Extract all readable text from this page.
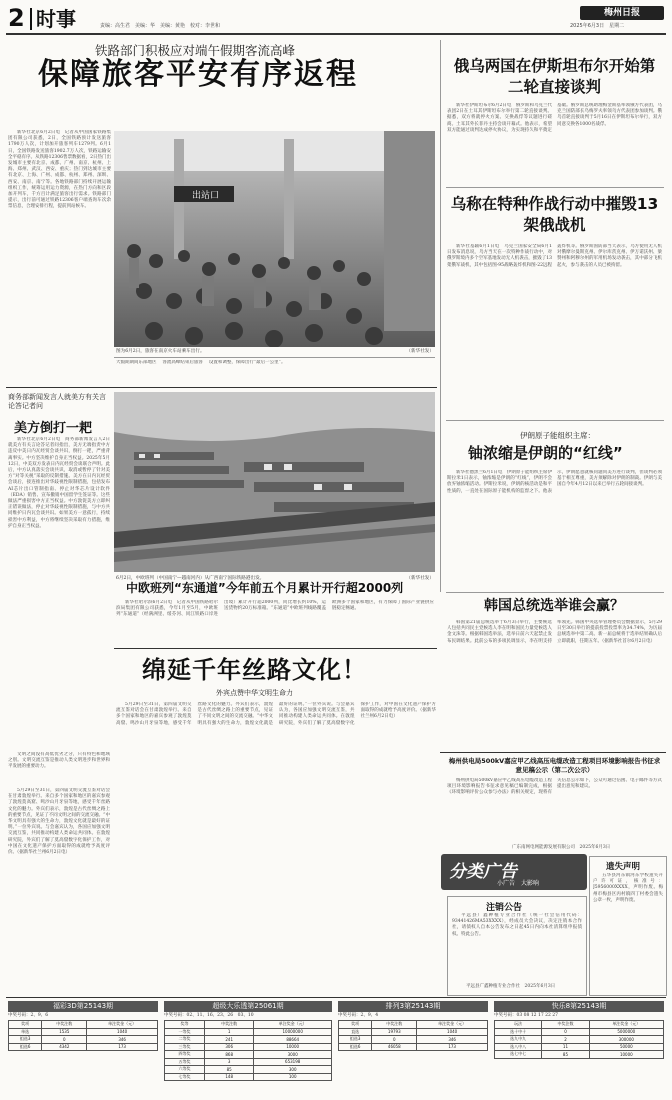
2 时事	责编：高生君　美编：华　美编：黄艳　校对：李世和
梅州日报
2025年6月3日　星期二
铁路部门积极应对端午假期客流高峰
保障旅客平安有序返程

新华社北京6月2日电　记者从中国国家铁路集团有限公司获悉，2日，全国铁路预计发送旅客1790万人次，计划加开旅客列车1279列。6月1日，全国铁路发送旅客1902.7万人次，铁路运输安全平稳有序。从铁路12306售票数据看，2日热门出发城市主要有北京、成都、广州、南京、杭州、上海、郑州、武汉、西安、重庆；热门到达城市主要有北京、上海、广州、成都、杭州、郑州、深圳、西安、南京、南宁等。各地铁路部门持续开展运输组织工作，统筹运用运力资源，在热门方向和区段加开列车，千方百计满足旅客出行需求。铁路部门提示，出行前可通过铁路12306客户端查询车次余票信息，合理安排行程，提前到站候车。

出站口
图为6月2日，旅客在南京火车站乘车出行。	（新华社发）
大假期期间东部地区　 客流高峰结束后旅客　 设置和调整，保障出行“最后一公里”。
俄乌两国在伊斯坦布尔开始第二轮直接谈判

新华社伊斯坦布尔6月2日电　俄罗斯和乌克兰代表团2日在土耳其伊斯坦布尔举行第二轮直接谈判。据悉，双方将就停火方案、交换战俘等议题进行磋商。土耳其外长菲丹主持会谈开幕式。他表示，希望双方能通过谈判达成停火协议，为实现持久和平奠定基础。俄罗斯总统助理梅金斯基率领俄方代表团，乌克兰国防部长乌梅罗夫率领乌方代表团参加谈判。俄乌首轮直接谈判于5月16日在伊斯坦布尔举行，双方同意交换各1000名战俘。

乌称在特种作战行动中摧毁13架俄战机

新华社基辅6月1日电　乌克兰国家安全局6月1日发布消息说，乌方当天在一次特种作战行动中，对俄罗斯境内多个空军基地发动无人机袭击，摧毁了13架俄军战机，其中包括图-95战略轰炸机和图-22远程轰炸机等。俄罗斯国防部当天表示，乌方使用无人机对俄摩尔曼斯克州、伊尔库茨克州、伊万诺沃州、梁赞州和阿穆尔州的军用机场发动袭击，其中部分飞机起火，参与袭击的人员已被拘留。

商务部新闻发言人就美方有关言论答记者问
美方倒打一耙

新华社北京6月2日电　商务部新闻发言人2日就美方有关言论答记者问指出，美方无端指责中方违反中美日内瓦经贸会谈共识，倒打一耙，严重背离事实。中方坚决维护自身正当权益。2025年5月12日，中美双方发表日内瓦经贸会谈联合声明。此后，中方认真落实会谈共识，取消或暂停了针对美方“对等关税”采取的反制措施。美方在日内瓦经贸会谈后，接连推出对华歧视性限制措施，包括发布AI芯片出口管制指南、停止对华芯片设计软件（EDA）销售、宣布撤销中国留学生签证等。这些做法严重损害中方正当权益。中方敦促美方立即纠正错误做法，停止对华歧视性限制措施，与中方共同维护日内瓦会谈共识。如果美方一意孤行，持续损害中方利益，中方将继续坚决采取有力措施，维护自身正当权益。

文明之间没有高低优劣之分，只有特色和地域之别。文明交流互鉴是推动人类文明进步和世界和平发展的重要动力。

6月2日，中欧班列（中国南宁—越南河内）从广西南宁国际铁路港出发。	（新华社发）
中欧班列“东通道”今年前五个月累计开行超2000列

新华社哈尔滨6月2日电　记者从中国铁路哈尔滨局集团有限公司获悉，今年1月至5月，中欧班列“东通道”（经满洲里、绥芬河、同江铁路口岸进出境）累计开行超2000列，同比增长约10%，运送货物约20万标准箱。“东通道”中欧班列线路覆盖欧洲多个国家和地区，有力保障了国际产业链供应链稳定畅通。

伊朗原子能组织主席：
铀浓缩是伊朗的“红线”

新华社德黑兰6月1日电　伊朗原子能组织主席伊斯拉米1日表示，铀浓缩是伊朗的“红线”，伊朗不会放弃铀浓缩活动。伊斯拉米说，伊朗的核活动是和平性质的，一直处在国际原子能机构的监督之下。他表示，伊朗愿意就核问题同美方进行谈判，但谈判必须基于相互尊重，美方须解除对伊朗的制裁。伊朗与美国自今年4月12日以来已举行五轮间接谈判。

韩国总统选举谁会赢？

韩国第21届总统选举于6月3日举行，主要候选人包括共同民主党候选人李在明和国民力量党候选人金文洙等。根据韩国选举法，选举日前六天起禁止发布民调结果。此前公布的多项民调显示，李在明支持率领先。韩国中央选举管理委员会数据显示，5月29日至30日举行的提前投票投票率为34.74%，为历届总统选举中第二高。新一届总统将于选举结果确认后立即就职，任期五年。（据新华社首尔6月2日电）

绵延千年丝路文化！
外宾点赞中华文明生命力

5月29日至31日，第四届文明交流互鉴对话会在甘肃敦煌举行。来自多个国家和地区的嘉宾参观了敦煌莫高窟、鸣沙山月牙泉等地，感受千年丝路文化的魅力。外宾们表示，敦煌是古代丝绸之路上的重要节点，见证了不同文明之间的交流交融。“中华文明具有强大的生命力，敦煌文化就是最好的证明。”一位外宾说。与会嘉宾认为，各国应加强文明交流互鉴，共同推动构建人类命运共同体。在敦煌研究院，外宾们了解了莫高窟数字化保护工作，对中国在文化遗产保护方面取得的成就给予高度评价。（据新华社兰州6月2日电）

5月29日至31日，第四届文明交流互鉴对话会在甘肃敦煌举行。来自多个国家和地区的嘉宾参观了敦煌莫高窟、鸣沙山月牙泉等地，感受千年丝路文化的魅力。外宾们表示，敦煌是古代丝绸之路上的重要节点，见证了不同文明之间的交流交融。“中华文明具有强大的生命力，敦煌文化就是最好的证明。”一位外宾说。与会嘉宾认为，各国应加强文明交流互鉴，共同推动构建人类命运共同体。在敦煌研究院，外宾们了解了莫高窟数字化保护工作，对中国在文化遗产保护方面取得的成就给予高度评价。（据新华社兰州6月2日电）

梅州供电局500kV嘉应甲乙线高压电缆改造工程项目环境影响报告书征求意见稿公示（第二次公示）

梅州供电局500kV嘉应甲乙线高压电缆改造工程项目环境影响报告书征求意见稿已编制完成，根据《环境影响评价公众参与办法》的相关规定，现将有关信息公示如下，公众可通过信函、电子邮件等方式提出意见和建议。

广东南网电网能源发展有限公司　2025年6月3日
分类广告
小广告　大影响
注销公告

平远县广鑫种植专业合作社（统一社会信用代码：93441426MA53XXXX），经成员大会决议，决定注销本合作社，请债权人自本公告发布之日起45日内向本社清算组申报债权。特此公告。

平远县广鑫种植专业合作社　2025年6月3日
遗失声明

五华县河东镇河东学校遗失开户许可证，核准号：J5956000XXXX，声明作废。梅州市梅县区丙村镇四丁村委会遗失公章一枚，声明作废。

福彩3D第25143期
中奖号码：2、9、6
奖项	中奖注数	单注奖金（元）
单选	1535	1040
组选3	0	346
组选6	4342	173
超级大乐透第25061期
中奖号码：02、11、16、23、26　03、10
奖等	中奖注数	单注奖金（元）
一等奖	1	10000000
二等奖	241	88664
三等奖	306	10000
四等奖	868	3000
五等奖	3	653198
六等奖	85	300
七等奖	148	100
排列3第25143期
中奖号码：2、9、4
奖项	中奖注数	单注奖金（元）
直选	19793	1040
组选3	0	346
组选6	46058	173
快乐8第25143期
中奖号码：03 08 12 17 22 27
玩法	中奖注数	单注奖金（元）
选十中十	0	5000000
选九中九	2	300000
选八中八	11	50000
选七中七	85	10000
